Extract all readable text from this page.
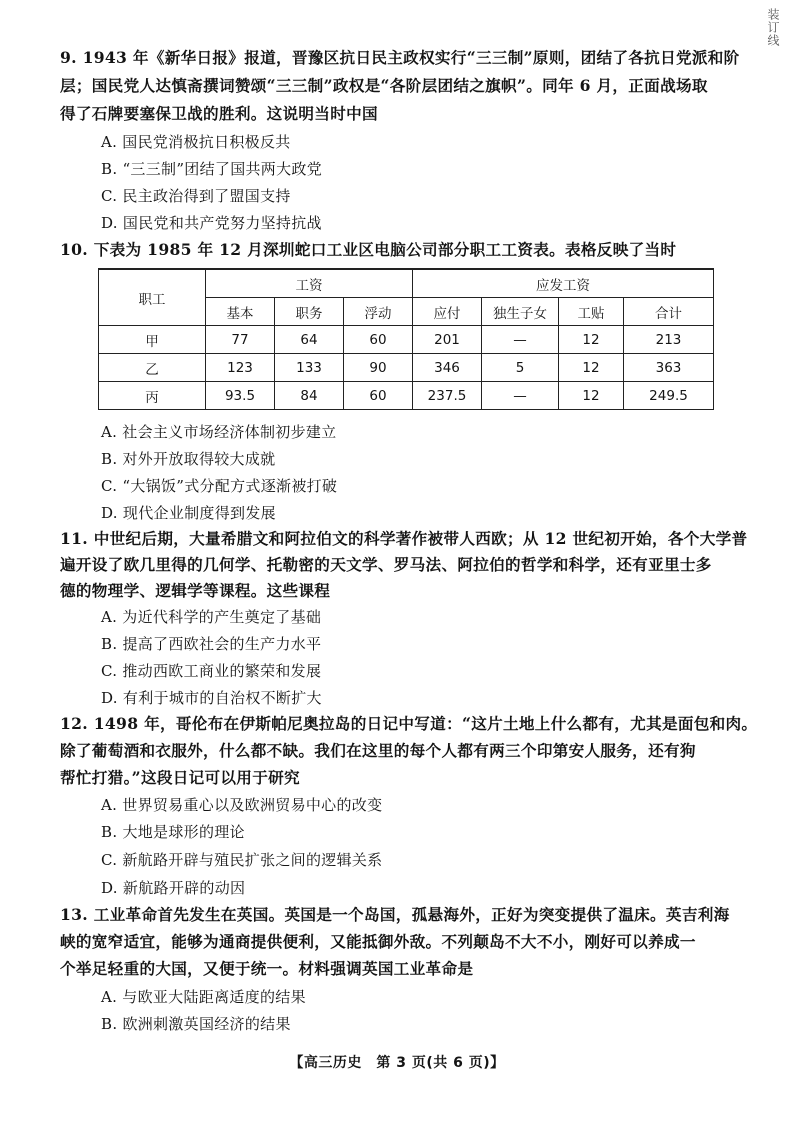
装订线
9. 1943 年《新华日报》报道，晋豫区抗日民主政权实行“三三制”原则，团结了各抗日党派和阶
层；国民党人达慎斋撰词赞颂“三三制”政权是“各阶层团结之旗帜”。同年 6 月，正面战场取
得了石牌要塞保卫战的胜利。这说明当时中国
A. 国民党消极抗日积极反共
B. “三三制”团结了国共两大政党
C. 民主政治得到了盟国支持
D. 国民党和共产党努力坚持抗战
10. 下表为 1985 年 12 月深圳蛇口工业区电脑公司部分职工工资表。表格反映了当时
职工	工资			应发工资			
	基本	职务	浮动	应付	独生子女	工贴	合计
甲	77	64	60	201	—	12	213
乙	123	133	90	346	5	12	363
丙	93.5	84	60	237.5	—	12	249.5
A. 社会主义市场经济体制初步建立
B. 对外开放取得较大成就
C. “大锅饭”式分配方式逐渐被打破
D. 现代企业制度得到发展
11. 中世纪后期，大量希腊文和阿拉伯文的科学著作被带人西欧；从 12 世纪初开始，各个大学普
遍开设了欧几里得的几何学、托勒密的天文学、罗马法、阿拉伯的哲学和科学，还有亚里士多
德的物理学、逻辑学等课程。这些课程
A. 为近代科学的产生奠定了基础
B. 提高了西欧社会的生产力水平
C. 推动西欧工商业的繁荣和发展
D. 有利于城市的自治权不断扩大
12. 1498 年，哥伦布在伊斯帕尼奥拉岛的日记中写道：“这片土地上什么都有，尤其是面包和肉。
除了葡萄酒和衣服外，什么都不缺。我们在这里的每个人都有两三个印第安人服务，还有狗
帮忙打猎。”这段日记可以用于研究
A. 世界贸易重心以及欧洲贸易中心的改变
B. 大地是球形的理论
C. 新航路开辟与殖民扩张之间的逻辑关系
D. 新航路开辟的动因
13. 工业革命首先发生在英国。英国是一个岛国，孤悬海外，正好为突变提供了温床。英吉利海
峡的宽窄适宜，能够为通商提供便利，又能抵御外敌。不列颠岛不大不小，刚好可以养成一
个举足轻重的大国，又便于统一。材料强调英国工业革命是
A. 与欧亚大陆距离适度的结果
B. 欧洲刺激英国经济的结果
【高三历史　第 3 页(共 6 页)】
